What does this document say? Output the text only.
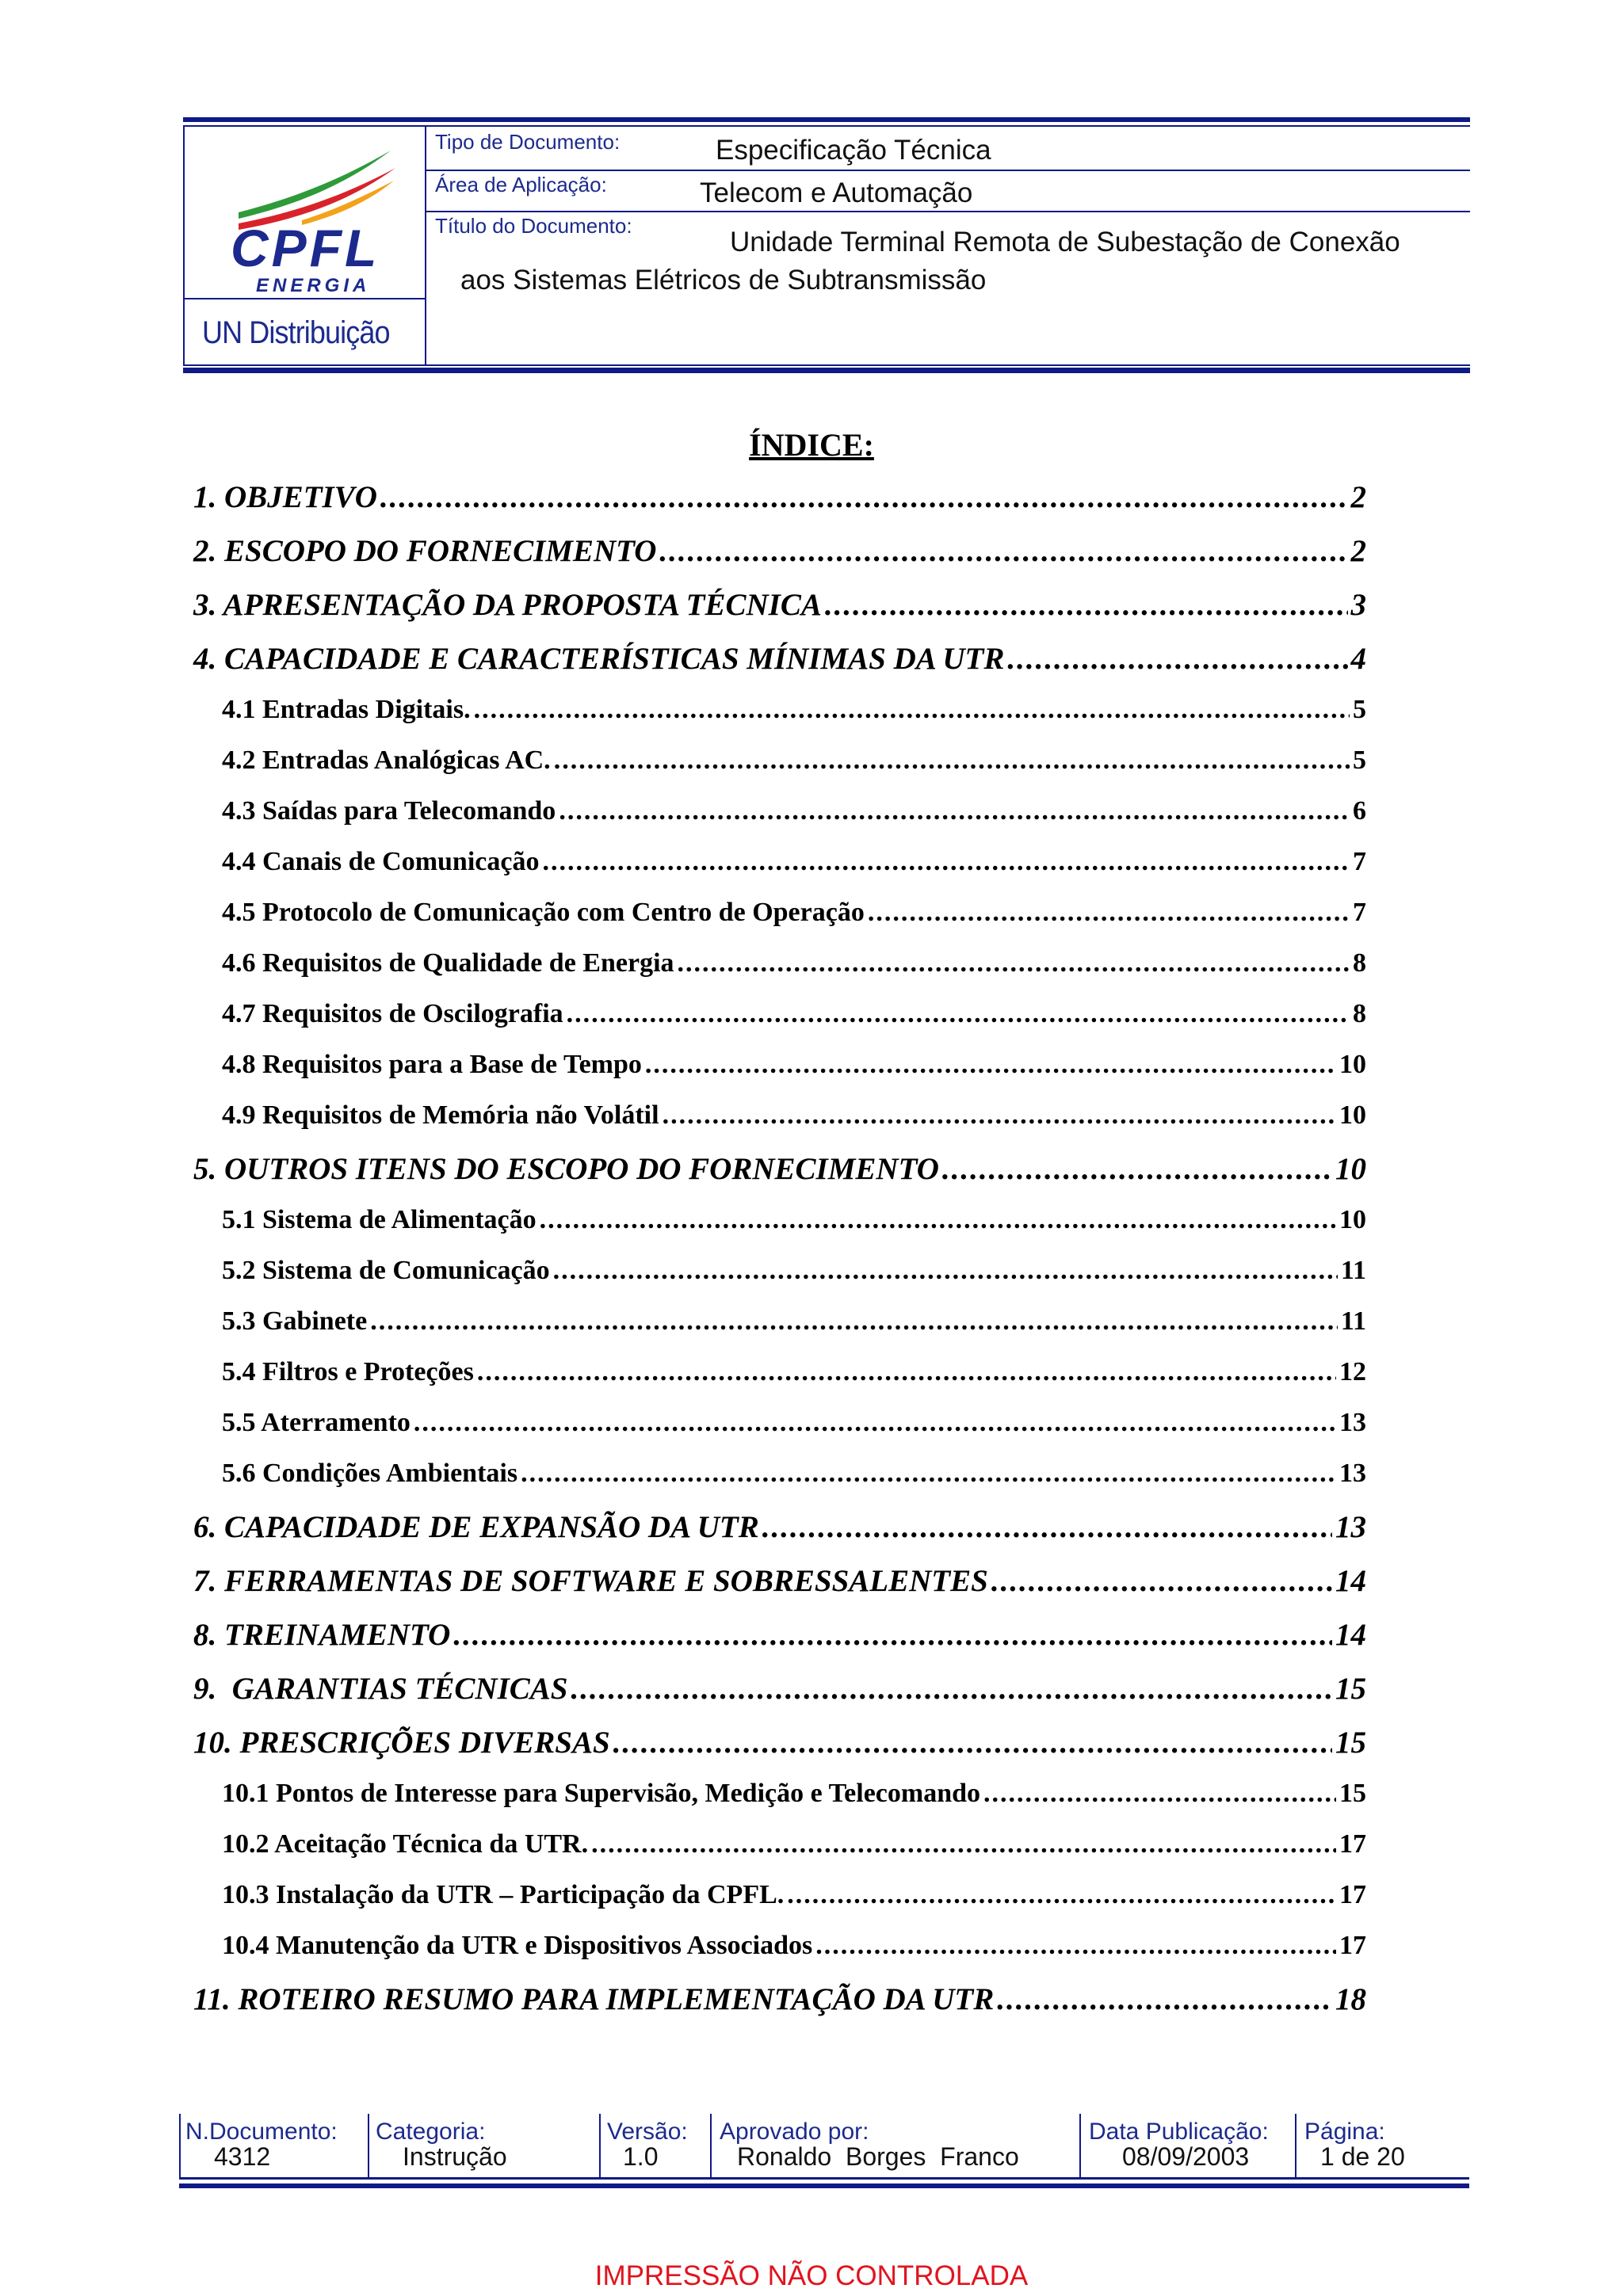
CPFL
ENERGIA
UN Distribuição
Tipo de Documento:	Especificação Técnica
Área de Aplicação:	Telecom e Automação
Título do Documento:
Unidade Terminal Remota de Subestação de Conexão
aos Sistemas Elétricos de Subtransmissão
ÍNDICE:
1. OBJETIVO .....	2
2. ESCOPO DO FORNECIMENTO .....	2
3. APRESENTAÇÃO DA PROPOSTA TÉCNICA .....	3
4. CAPACIDADE E CARACTERÍSTICAS MÍNIMAS DA UTR .....	4
4.1 Entradas Digitais. .....	5
4.2 Entradas Analógicas AC. .....	5
4.3 Saídas para Telecomando .....	6
4.4 Canais de Comunicação .....	7
4.5 Protocolo de Comunicação com Centro de Operação .....	7
4.6 Requisitos de Qualidade de Energia .....	8
4.7 Requisitos de Oscilografia .....	8
4.8 Requisitos para a Base de Tempo .....	10
4.9 Requisitos de Memória não Volátil .....	10
5. OUTROS ITENS DO ESCOPO DO FORNECIMENTO .....	10
5.1 Sistema de Alimentação .....	10
5.2 Sistema de Comunicação .....	11
5.3 Gabinete .....	11
5.4 Filtros e Proteções .....	12
5.5 Aterramento .....	13
5.6 Condições Ambientais .....	13
6. CAPACIDADE DE EXPANSÃO DA UTR .....	13
7. FERRAMENTAS DE SOFTWARE E SOBRESSALENTES .....	14
8. TREINAMENTO .....	14
9.  GARANTIAS TÉCNICAS .....	15
10. PRESCRIÇÕES DIVERSAS .....	15
10.1 Pontos de Interesse para Supervisão, Medição e Telecomando .....	15
10.2 Aceitação Técnica da UTR. .....	17
10.3 Instalação da UTR – Participação da CPFL. .....	17
10.4 Manutenção da UTR e Dispositivos Associados .....	17
11. ROTEIRO RESUMO PARA IMPLEMENTAÇÃO DA UTR .....	18
N.Documento:
4312
Categoria:
Instrução
Versão:
1.0
Aprovado por:
Ronaldo  Borges  Franco
Data Publicação:
08/09/2003
Página:
1 de 20
IMPRESSÃO NÃO CONTROLADA
